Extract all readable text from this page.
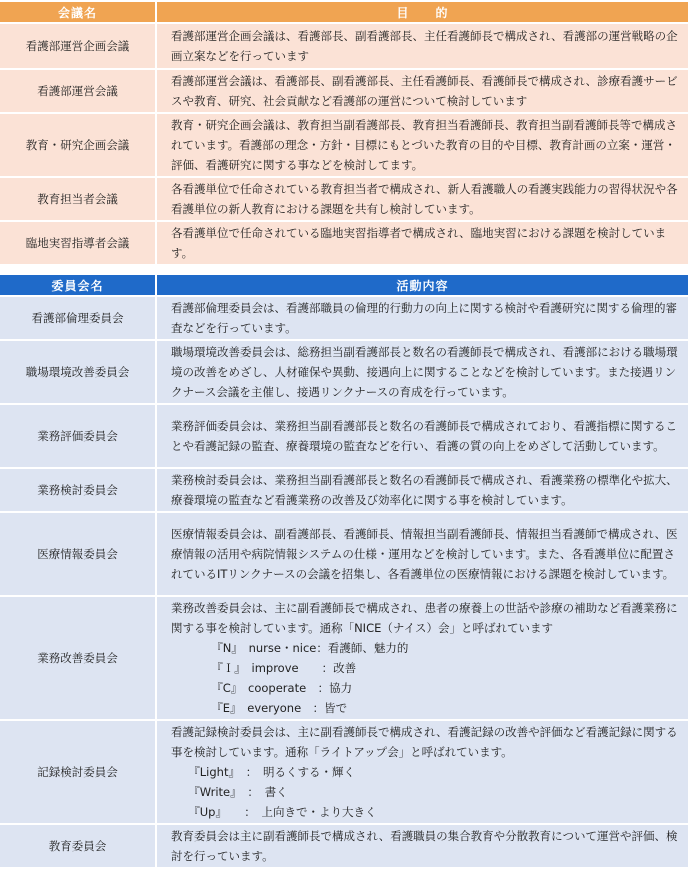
会議名	目　　的
看護部運営企画会議	看護部運営企画会議は、看護部長、副看護部長、主任看護師長で構成され、看護部の運営戦略の企画立案などを行っています
看護部運営会議	看護部運営会議は、看護部長、副看護部長、主任看護師長、看護師長で構成され、診療看護サービスや教育、研究、社会貢献など看護部の運営について検討しています
教育・研究企画会議	教育・研究企画会議は、教育担当副看護部長、教育担当看護師長、教育担当副看護師長等で構成されています。看護部の理念・方針・目標にもとづいた教育の目的や目標、教育計画の立案・運営・評価、看護研究に関する事などを検討してます。
教育担当者会議	各看護単位で任命されている教育担当者で構成され、新人看護職人の看護実践能力の習得状況や各看護単位の新人教育における課題を共有し検討しています。
臨地実習指導者会議	各看護単位で任命されている臨地実習指導者で構成され、臨地実習における課題を検討しています。
委員会名	活動内容
看護部倫理委員会	看護部倫理委員会は、看護部職員の倫理的行動力の向上に関する検討や看護研究に関する倫理的審査などを行っています。
職場環境改善委員会	職場環境改善委員会は、総務担当副看護部長と数名の看護師長で構成され、看護部における職場環境の改善をめざし、人材確保や異動、接遇向上に関することなどを検討しています。また接遇リンクナース会議を主催し、接遇リンクナースの育成を行っています。
業務評価委員会	業務評価委員会は、業務担当副看護部長と数名の看護師長で構成されており、看護指標に関することや看護記録の監査、療養環境の監査などを行い、看護の質の向上をめざして活動しています。
業務検討委員会	業務検討委員会は、業務担当副看護部長と数名の看護師長で構成され、看護業務の標準化や拡大、療養環境の監査など看護業務の改善及び効率化に関する事を検討しています。
医療情報委員会	医療情報委員会は、副看護部長、看護師長、情報担当副看護師長、情報担当看護師で構成され、医療情報の活用や病院情報システムの仕様・運用などを検討しています。また、各看護単位に配置されているITリンクナースの会議を招集し、各看護単位の医療情報における課題を検討しています。
業務改善委員会	業務改善委員会は、主に副看護師長で構成され、患者の療養上の世話や診療の補助など看護業務に関する事を検討しています。通称「NICE（ナイス）会」と呼ばれています
　　　　『N』　nurse・nice：看護師、魅力的
　　　　『Ｉ』　improve　　：改善
　　　　『C』　cooperate　：協力
　　　　『E』　everyone　：皆で

記録検討委員会	看護記録検討委員会は、主に副看護師長で構成され、看護記録の改善や評価など看護記録に関する事を検討しています。通称「ライトアップ会」と呼ばれています。
　　『Light』　：　明るくする・輝く
　　『Write』　：　書く
　　『Up』　　：　上向きで・より大きく

教育委員会	教育委員会は主に副看護師長で構成され、看護職員の集合教育や分散教育について運営や評価、検討を行っています。
